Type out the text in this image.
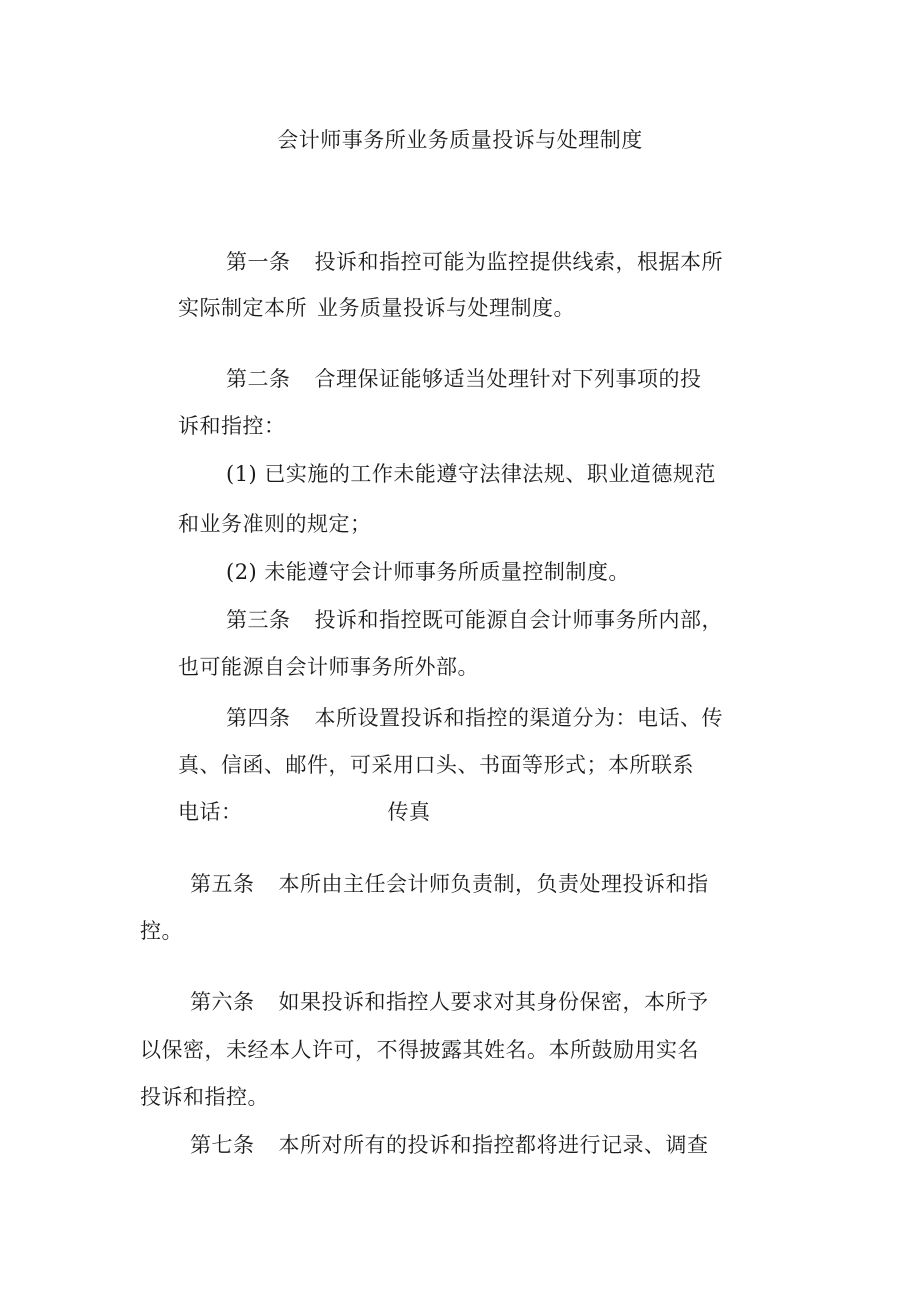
会计师事务所业务质量投诉与处理制度
第一条 投诉和指控可能为监控提供线索，根据本所
实际制定本所 业务质量投诉与处理制度。
第二条 合理保证能够适当处理针对下列事项的投
诉和指控：
(1) 已实施的工作未能遵守法律法规、职业道德规范
和业务准则的规定；
(2) 未能遵守会计师事务所质量控制制度。
第三条 投诉和指控既可能源自会计师事务所内部，
也可能源自会计师事务所外部。
第四条 本所设置投诉和指控的渠道分为：电话、传
真、信函、邮件，可采用口头、书面等形式；本所联系
电话：	传真
第五条 本所由主任会计师负责制，负责处理投诉和指
控。
第六条 如果投诉和指控人要求对其身份保密，本所予
以保密，未经本人许可，不得披露其姓名。本所鼓励用实名
投诉和指控。
第七条 本所对所有的投诉和指控都将进行记录、调查
